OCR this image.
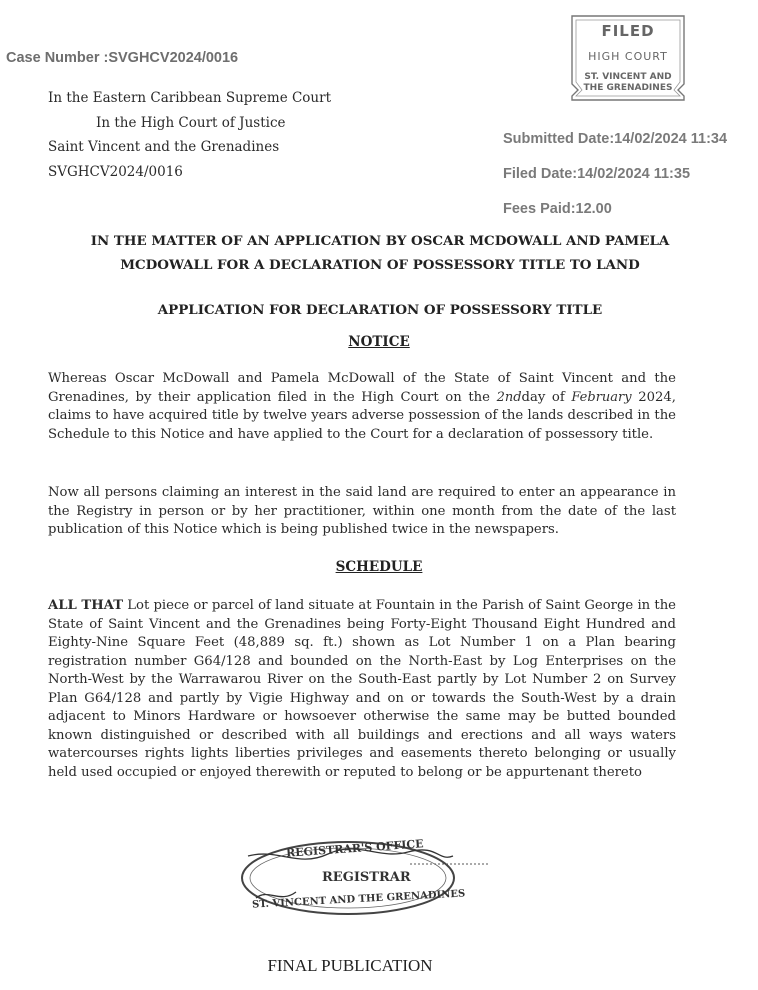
Case Number :SVGHCV2024/0016
In the Eastern Caribbean Supreme Court
In the High Court of Justice
Saint Vincent and the Grenadines
SVGHCV2024/0016
FILED
HIGH COURT
ST. VINCENT AND
THE GRENADINES
Submitted Date:14/02/2024 11:34
Filed Date:14/02/2024 11:35
Fees Paid:12.00
IN THE MATTER OF AN APPLICATION BY OSCAR MCDOWALL AND PAMELA
MCDOWALL FOR A DECLARATION OF POSSESSORY TITLE TO LAND
APPLICATION FOR DECLARATION OF POSSESSORY TITLE
NOTICE
Whereas Oscar McDowall and Pamela McDowall of the State of Saint Vincent and the Grenadines, by their application filed in the High Court on the 2ndday of February 2024, claims to have acquired title by twelve years adverse possession of the lands described in the Schedule to this Notice and have applied to the Court for a declaration of possessory title.
Now all persons claiming an interest in the said land are required to enter an appearance in the Registry in person or by her practitioner, within one month from the date of the last publication of this Notice which is being published twice in the newspapers.
SCHEDULE
ALL THAT Lot piece or parcel of land situate at Fountain in the Parish of Saint George in the State of Saint Vincent and the Grenadines being Forty-Eight Thousand Eight Hundred and Eighty-Nine Square Feet (48,889 sq. ft.) shown as Lot Number 1 on a Plan bearing registration number G64/128 and bounded on the North-East by Log Enterprises on the North-West by the Warrawarou River on the South-East partly by Lot Number 2 on Survey Plan G64/128 and partly by Vigie Highway and on or towards the South-West by a drain adjacent to Minors Hardware or howsoever otherwise the same may be butted bounded known distinguished or described with all buildings and erections and all ways waters watercourses rights lights liberties privileges and easements thereto belonging or usually held used occupied or enjoyed therewith or reputed to belong or be appurtenant thereto
REGISTRAR'S OFFICE
REGISTRAR
ST. VINCENT AND THE GRENADINES
FINAL PUBLICATION
